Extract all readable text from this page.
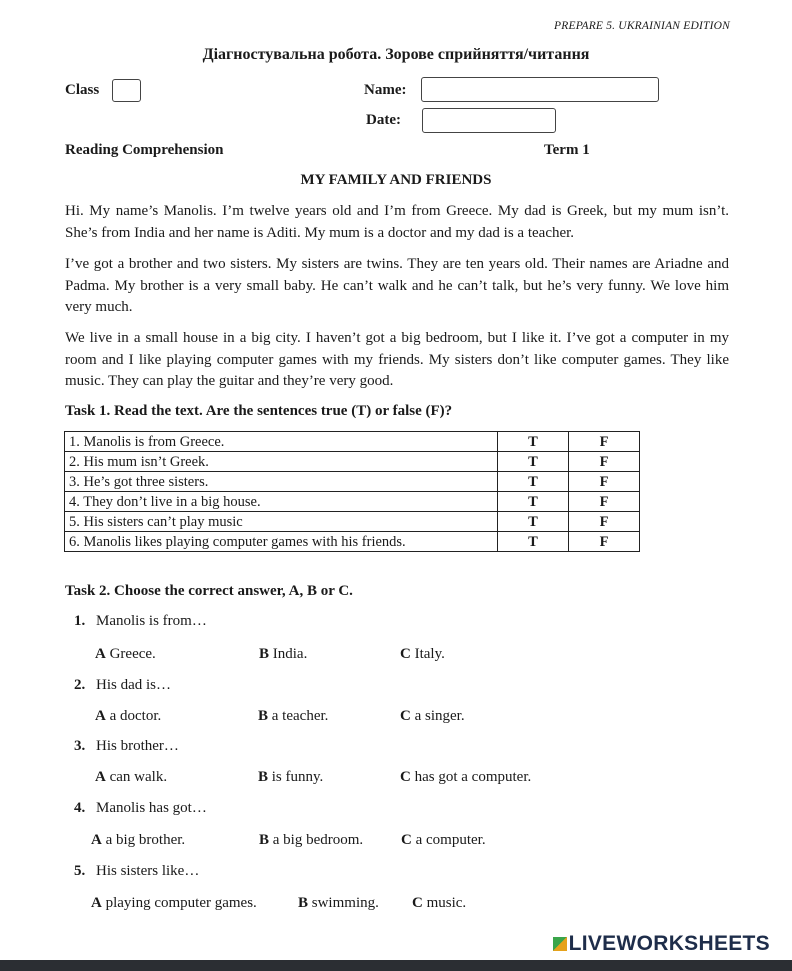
PREPARE 5. UKRAINIAN EDITION
Діагностувальна робота. Зорове сприйняття/читання
Class	Name:
Date:
Reading Comprehension	Term 1
MY FAMILY AND FRIENDS
Hi. My name’s Manolis. I’m twelve years old and I’m from Greece. My dad is Greek, but my mum isn’t. She’s from India and her name is Aditi. My mum is a doctor and my dad is a teacher.
I’ve got a brother and two sisters. My sisters are twins. They are ten years old. Their names are Ariadne and Padma. My brother is a very small baby. He can’t walk and he can’t talk, but he’s very funny. We love him very much.
We live in a small house in a big city. I haven’t got a big bedroom, but I like it. I’ve got a computer in my room and I like playing computer games with my friends. My sisters don’t like computer games. They like music. They can play the guitar and they’re very good.
Task 1. Read the text. Are the sentences true (T) or false (F)?
1. Manolis is from Greece.	T	F
2. His mum isn’t Greek.	T	F
3. He’s got three sisters.	T	F
4. They don’t live in a big house.	T	F
5. His sisters can’t play music	T	F
6. Manolis likes playing computer games with his friends.	T	F
Task 2. Choose the correct answer, A, B or C.
1. Manolis is from…
A Greece.	B India.	C Italy.
2. His dad is…
A a doctor.	B a teacher.	C a singer.
3. His brother…
A can walk.	B is funny.	C has got a computer.
4. Manolis has got…
A a big brother.	B a big bedroom.	C a computer.
5. His sisters like…
A playing computer games.	B swimming. C music.
LIVEWORKSHEETS
